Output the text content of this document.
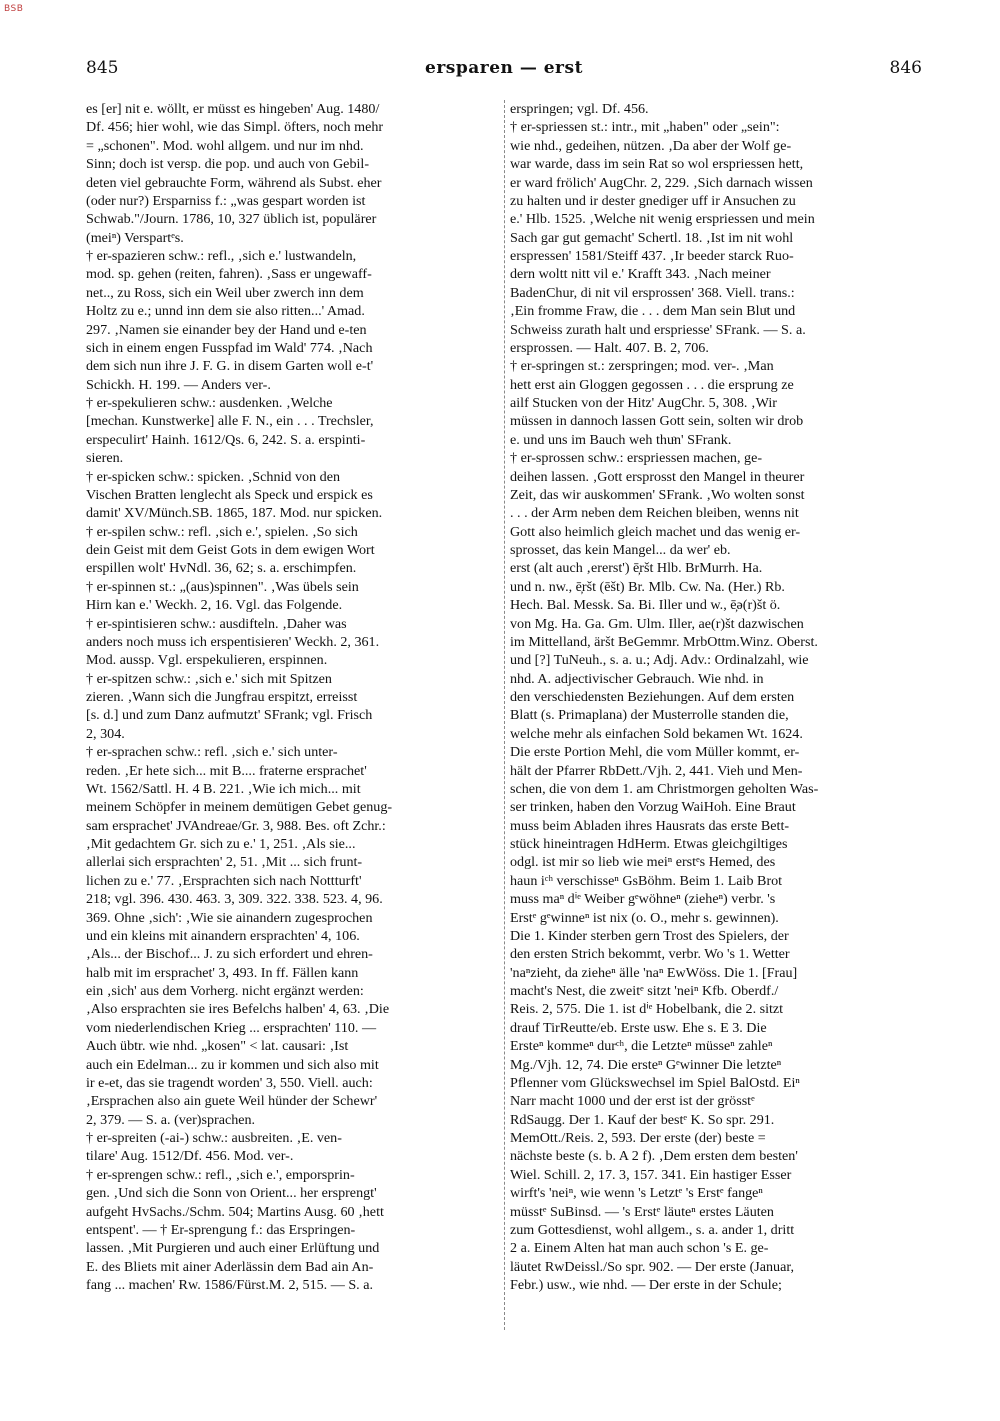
BSB
845	ersparen — erst	846
es [er] nit e. wöllt, er müsst es hingeben' Aug. 1480/
Df. 456; hier wohl, wie das Simpl. öfters, noch mehr
= „schonen". Mod. wohl allgem. und nur im nhd.
Sinn; doch ist versp. die pop. und auch von Gebil-
deten viel gebrauchte Form, während als Subst. eher
(oder nur?) Ersparniss f.: „was gespart worden ist
Schwab."/Journ. 1786, 10, 327 üblich ist, populärer
(meiⁿ) Verspartᵉs.
† er-spazieren schw.: refl., ‚sich e.' lustwandeln,
mod. sp. gehen (reiten, fahren). ‚Sass er ungewaff-
net.., zu Ross, sich ein Weil uber zwerch inn dem
Holtz zu e.; unnd inn dem sie also ritten...' Amad.
297. ‚Namen sie einander bey der Hand und e-ten
sich in einem engen Fusspfad im Wald' 774. ‚Nach
dem sich nun ihre J. F. G. in disem Garten woll e-t'
Schickh. H. 199. — Anders ver-.
† er-spekulieren schw.: ausdenken. ‚Welche
[mechan. Kunstwerke] alle F. N., ein . . . Trechsler,
erspeculirt' Hainh. 1612/Qs. 6, 242. S. a. erspinti-
sieren.
† er-spicken schw.: spicken. ‚Schnid von den
Vischen Bratten lenglecht als Speck und erspick es
damit' XV/Münch.SB. 1865, 187. Mod. nur spicken.
† er-spilen schw.: refl. ‚sich e.', spielen. ‚So sich
dein Geist mit dem Geist Gots in dem ewigen Wort
erspillen wolt' HvNdl. 36, 62; s. a. erschimpfen.
† er-spinnen st.: „(aus)spinnen". ‚Was übels sein
Hirn kan e.' Weckh. 2, 16. Vgl. das Folgende.
† er-spintisieren schw.: ausdifteln. ‚Daher was
anders noch muss ich erspentisieren' Weckh. 2, 361.
Mod. aussp. Vgl. erspekulieren, erspinnen.
† er-spitzen schw.: ‚sich e.' sich mit Spitzen
zieren. ‚Wann sich die Jungfrau erspitzt, erreisst
[s. d.] und zum Danz aufmutzt' SFrank; vgl. Frisch
2, 304.
† er-sprachen schw.: refl. ‚sich e.' sich unter-
reden. ‚Er hete sich... mit B.... fraterne ersprachet'
Wt. 1562/Sattl. H. 4 B. 221. ‚Wie ich mich... mit
meinem Schöpfer in meinem demütigen Gebet genug-
sam ersprachet' JVAndreae/Gr. 3, 988. Bes. oft Zchr.:
‚Mit gedachtem Gr. sich zu e.' 1, 251. ‚Als sie...
allerlai sich ersprachten' 2, 51. ‚Mit ... sich frunt-
lichen zu e.' 77. ‚Ersprachten sich nach Nottturft'
218; vgl. 396. 430. 463. 3, 309. 322. 338. 523. 4, 96.
369. Ohne ‚sich': ‚Wie sie ainandern zugesprochen
und ein kleins mit ainandern ersprachten' 4, 106.
‚Als... der Bischof... J. zu sich erfordert und ehren-
halb mit im ersprachet' 3, 493. In ff. Fällen kann
ein ‚sich' aus dem Vorherg. nicht ergänzt werden:
‚Also ersprachten sie ires Befelchs halben' 4, 63. ‚Die
vom niederlendischen Krieg ... ersprachten' 110. —
Auch übtr. wie nhd. „kosen" < lat. causari: ‚Ist
auch ein Edelman... zu ir kommen und sich also mit
ir e-et, das sie tragendt worden' 3, 550. Viell. auch:
‚Ersprachen also ain guete Weil hünder der Schewr'
2, 379. — S. a. (ver)sprachen.
† er-spreiten (-ai-) schw.: ausbreiten. ‚E. ven-
tilare' Aug. 1512/Df. 456. Mod. ver-.
† er-sprengen schw.: refl., ‚sich e.', emporsprin-
gen. ‚Und sich die Sonn von Orient... her ersprengt'
aufgeht HvSachs./Schm. 504; Martins Ausg. 60 ‚hett
entspent'. — † Er-sprengung f.: das Erspringen-
lassen. ‚Mit Purgieren und auch einer Erlüftung und
E. des Bliets mit ainer Aderlässin dem Bad ain An-
fang ... machen' Rw. 1586/Fürst.M. 2, 515. — S. a.
erspringen; vgl. Df. 456.
† er-spriessen st.: intr., mit „haben" oder „sein":
wie nhd., gedeihen, nützen. ‚Da aber der Wolf ge-
war warde, dass im sein Rat so wol erspriessen hett,
er ward frölich' AugChr. 2, 229. ‚Sich darnach wissen
zu halten und ir dester gnediger uff ir Ansuchen zu
e.' Hlb. 1525. ‚Welche nit wenig erspriessen und mein
Sach gar gut gemacht' Schertl. 18. ‚Ist im nit wohl
erspressen' 1581/Steiff 437. ‚Ir beeder starck Ruo-
dern woltt nitt vil e.' Krafft 343. ‚Nach meiner
BadenChur, di nit vil ersprossen' 368. Viell. trans.:
‚Ein fromme Fraw, die . . . dem Man sein Bluͦt und
Schweiss zurath halt und erspriesse' SFrank. — S. a.
ersprossen. — Halt. 407. B. 2, 706.
† er-springen st.: zerspringen; mod. ver-. ‚Man
hett erst ain Gloggen gegossen . . . die ersprung ze
ailf Stucken von der Hitz' AugChr. 5, 308. ‚Wir
müssen in dannoch lassen Gott sein, solten wir drob
e. und uns im Bauch weh thuͦn' SFrank.
† er-sprossen schw.: erspriessen machen, ge-
deihen lassen. ‚Gott ersprosst den Mangel in theurer
Zeit, das wir auskommen' SFrank. ‚Wo wolten sonst
. . . der Arm neben dem Reichen bleiben, wenns nit
Gott also heimlich gleich machet und das wenig er-
sprosset, das kein Mangel... da wer' eb.
erst (alt auch ‚ererst') ē̦ršt Hlb. BrMurrh. Ha.
und n. nw., ē̦ršt (ēšt) Br. Mlb. Cw. Na. (Her.) Rb.
Hech. Bal. Messk. Sa. Bi. Iller und w., ē̦ə(r)št ö.
von Mg. Ha. Ga. Gm. Ulm. Iller, ae(r)št dazwischen
im Mittelland, äršt BeGemmr. MrbOttm.Winz. Oberst.
und [?] TuNeuh., s. a. u.; Adj. Adv.: Ordinalzahl, wie
nhd. A. adjectivischer Gebrauch. Wie nhd. in
den verschiedensten Beziehungen. Auf dem ersten
Blatt (s. Primaplana) der Musterrolle standen die,
welche mehr als einfachen Sold bekamen Wt. 1624.
Die erste Portion Mehl, die vom Müller kommt, er-
hält der Pfarrer RbDett./Vjh. 2, 441. Vieh und Men-
schen, die von dem 1. am Christmorgen geholten Was-
ser trinken, haben den Vorzug WaiHoh. Eine Braut
muss beim Abladen ihres Hausrats das erste Bett-
stück hineintragen HdHerm. Etwas gleichgiltiges
odgl. ist mir so lieb wie meiⁿ erstᵉs Hemed, des
haun iᶜʰ verschisseⁿ GsBöhm. Beim 1. Laib Brot
muss maⁿ dⁱᵉ Weiber gᵉwöhneⁿ (zieheⁿ) verbr. 's
Erstᵉ gᵉwinneⁿ ist nix (o. O., mehr s. gewinnen).
Die 1. Kinder sterben gern Trost des Spielers, der
den ersten Strich bekommt, verbr. Wo 's 1. Wetter
'naⁿzieht, da zieheⁿ älle 'naⁿ EwWöss. Die 1. [Frau]
macht's Nest, die zweitᵉ sitzt 'neiⁿ Kfb. Oberdf./
Reis. 2, 575. Die 1. ist dⁱᵉ Hobelbank, die 2. sitzt
drauf TirReutte/eb. Erste usw. Ehe s. E 3. Die
Ersteⁿ kommeⁿ durᶜʰ, die Letzteⁿ müsseⁿ zahleⁿ
Mg./Vjh. 12, 74. Die ersteⁿ Gᵉwinner Die letzteⁿ
Pflenner vom Glückswechsel im Spiel BalOstd. Eiⁿ
Narr macht 1000 und der erst ist der grösstᵉ
RdSaugg. Der 1. Kauf der bestᵉ K. So spr. 291.
MemOtt./Reis. 2, 593. Der erste (der) beste =
nächste beste (s. b. A 2 f). ‚Dem ersten dem besten'
Wiel. Schill. 2, 17. 3, 157. 341. Ein hastiger Esser
wirft's 'neiⁿ, wie wenn 's Letztᵉ 's Erstᵉ fangeⁿ
müsstᵉ SuBinsd. — 's Erstᵉ läuteⁿ erstes Läuten
zum Gottesdienst, wohl allgem., s. a. ander 1, dritt
2 a. Einem Alten hat man auch schon 's E. ge-
läutet RwDeissl./So spr. 902. — Der erste (Januar,
Febr.) usw., wie nhd. — Der erste in der Schule;
